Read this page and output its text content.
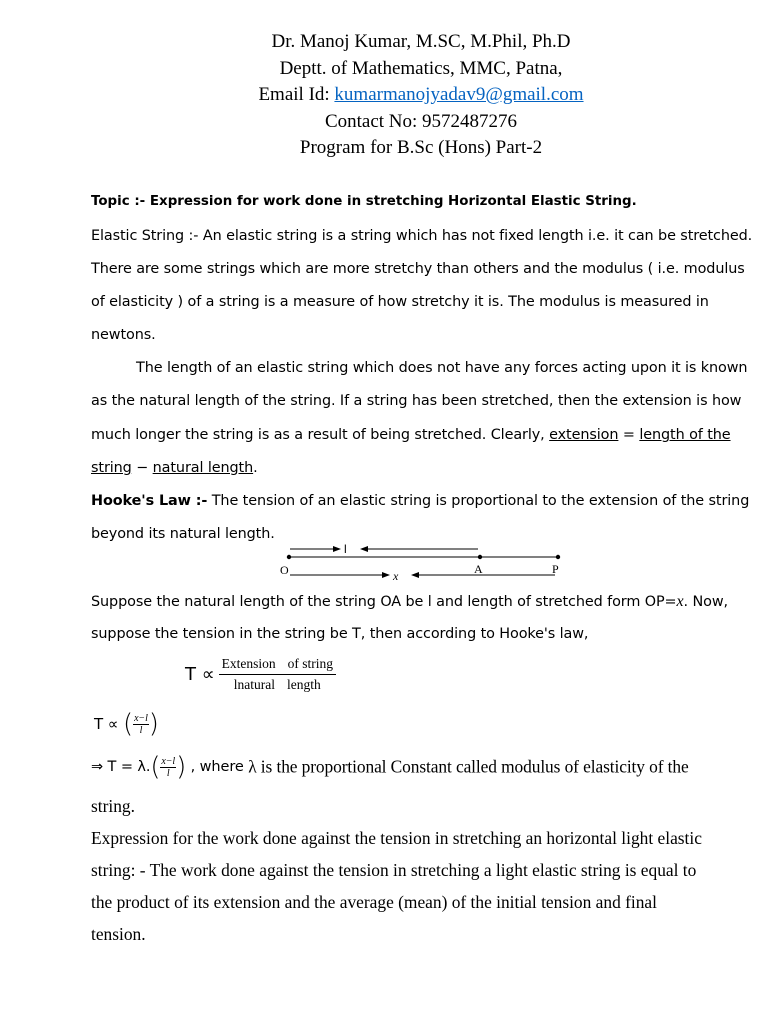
Dr. Manoj Kumar, M.SC, M.Phil, Ph.D
Deptt. of Mathematics, MMC, Patna,
Email Id: kumarmanojyadav9@gmail.com
Contact No: 9572487276
Program for B.Sc (Hons) Part-2
Topic :- Expression for work done in stretching Horizontal Elastic String.
Elastic String :- An elastic string is a string which has not fixed length i.e. it can be stretched.
There are some strings which are more stretchy than others and the modulus ( i.e. modulus
of elasticity ) of a string is a measure of how stretchy it is. The modulus is measured in
newtons.
The length of an elastic string which does not have any forces acting upon it is known
as the natural length of the string. If a string has been stretched, then the extension is how
much longer the string is as a result of being stretched. Clearly, extension = length of the
string − natural length.
Hooke's Law :- The tension of an elastic string is proportional to the extension of the string
beyond its natural length.
l
O	A	P
x
Suppose the natural length of the string OA be l and length of stretched form OP=x. Now,
suppose the tension in the string be T, then according to Hooke's law,
$T \propto \frac{\text{Extension of string}}{\text{lnatural length}}$
T ∝ ( $\frac{x-l}{l}$ )
⇒ $T = \lambda.( \frac{x-l}{l}$ ) , where λ is the proportional Constant called modulus of elasticity of the
string.
Expression for the work done against the tension in stretching an horizontal light elastic
string: - The work done against the tension in stretching a light elastic string is equal to
the product of its extension and the average (mean) of the initial tension and final
tension.
